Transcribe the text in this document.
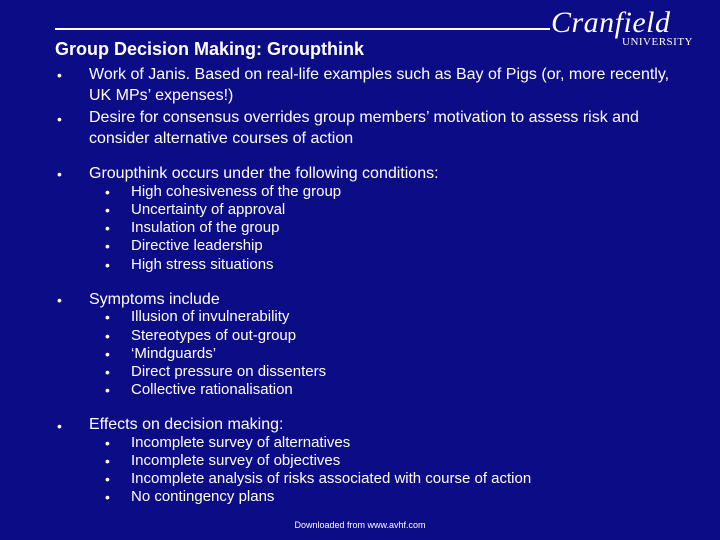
Cranfield
UNIVERSITY
Group Decision Making: Groupthink
• Work of Janis. Based on real-life examples such as Bay of Pigs (or, more recently, UK MPs’ expenses!)
• Desire for consensus overrides group members’ motivation to assess risk and consider alternative courses of action
• Groupthink occurs under the following conditions:
• High cohesiveness of the group
• Uncertainty of approval
• Insulation of the group
• Directive leadership
• High stress situations
• Symptoms include
• Illusion of invulnerability
• Stereotypes of out-group
• ‘Mindguards’
• Direct pressure on dissenters
• Collective rationalisation
• Effects on decision making:
• Incomplete survey of alternatives
• Incomplete survey of objectives
• Incomplete analysis of risks associated with course of action
• No contingency plans
Downloaded from www.avhf.com
